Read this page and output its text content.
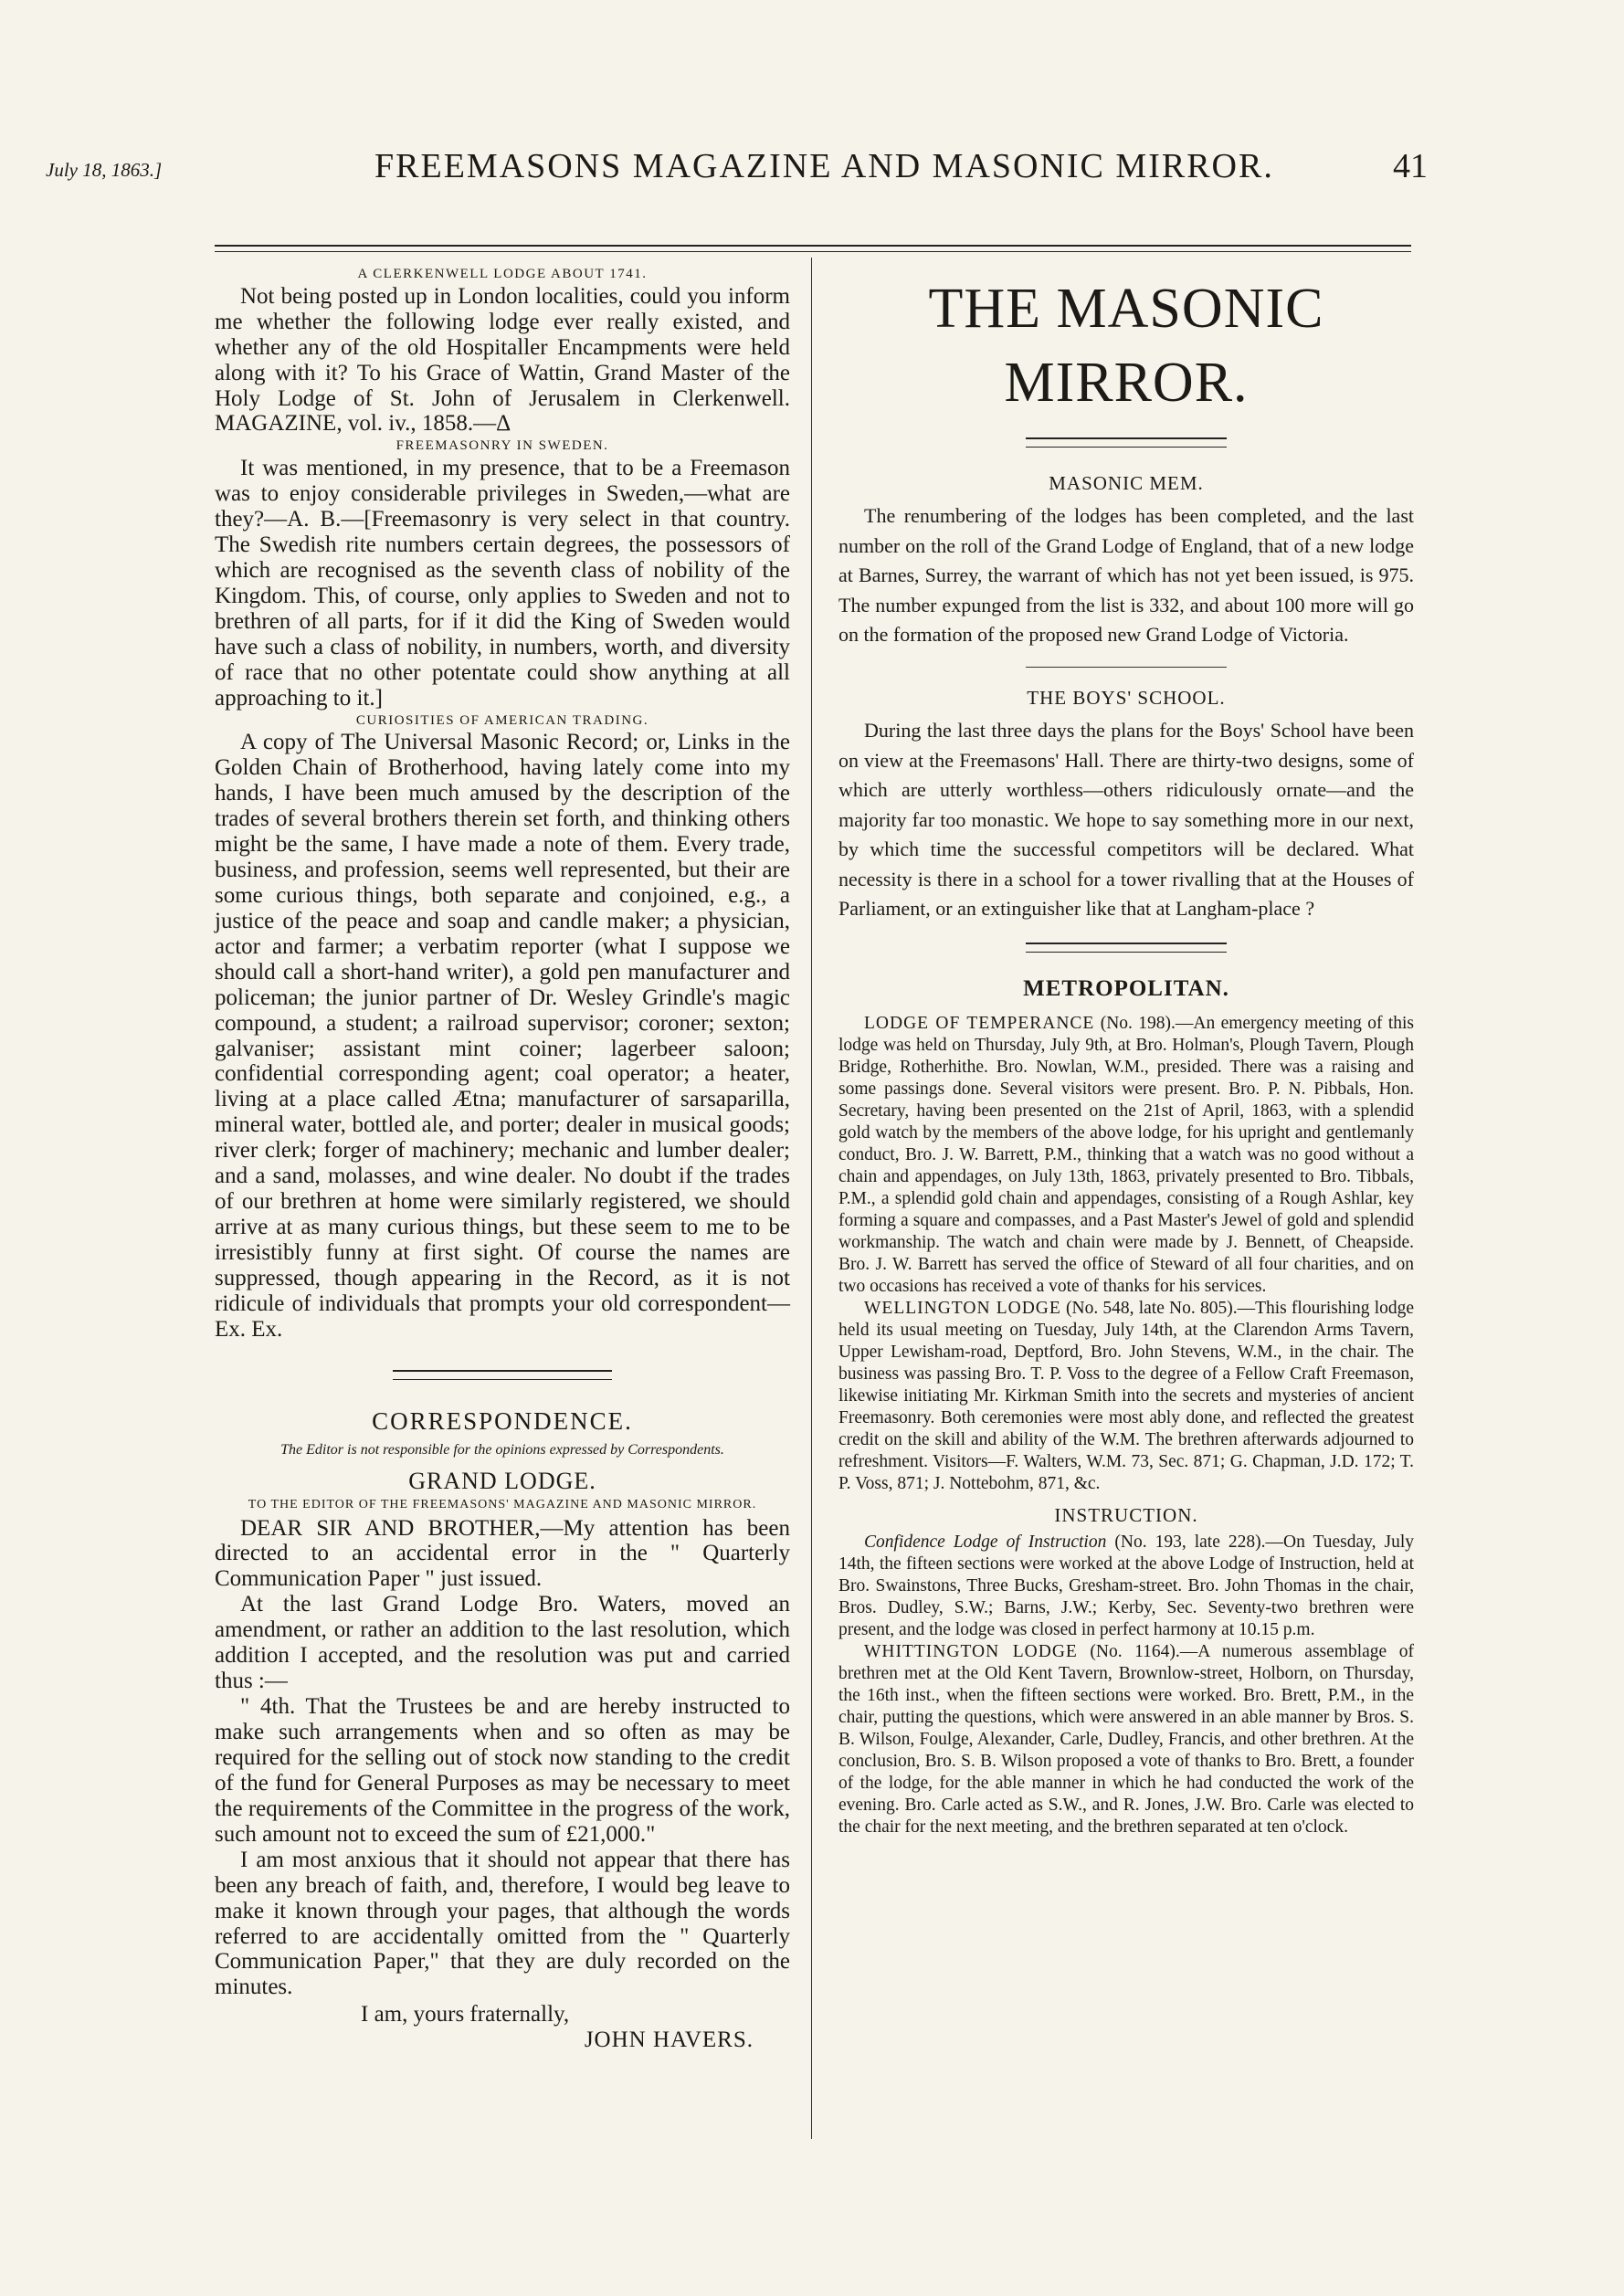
July 18, 1863.]	FREEMASONS MAGAZINE AND MASONIC MIRROR.	41
A CLERKENWELL LODGE ABOUT 1741.

Not being posted up in London localities, could you inform me whether the following lodge ever really existed, and whether any of the old Hospitaller Encampments were held along with it? To his Grace of Wattin, Grand Master of the Holy Lodge of St. John of Jerusalem in Clerkenwell. MAGAZINE, vol. iv., 1858.—Δ

FREEMASONRY IN SWEDEN.

It was mentioned, in my presence, that to be a Freemason was to enjoy considerable privileges in Sweden,—what are they?—A. B.—[Freemasonry is very select in that country. The Swedish rite numbers certain degrees, the possessors of which are recognised as the seventh class of nobility of the Kingdom. This, of course, only applies to Sweden and not to brethren of all parts, for if it did the King of Sweden would have such a class of nobility, in numbers, worth, and diversity of race that no other potentate could show anything at all approaching to it.]

CURIOSITIES OF AMERICAN TRADING.

A copy of The Universal Masonic Record; or, Links in the Golden Chain of Brotherhood, having lately come into my hands, I have been much amused by the description of the trades of several brothers therein set forth, and thinking others might be the same, I have made a note of them. Every trade, business, and profession, seems well represented, but their are some curious things, both separate and conjoined, e.g., a justice of the peace and soap and candle maker; a physician, actor and farmer; a verbatim reporter (what I suppose we should call a short-hand writer), a gold pen manufacturer and policeman; the junior partner of Dr. Wesley Grindle's magic compound, a student; a railroad supervisor; coroner; sexton; galvaniser; assistant mint coiner; lagerbeer saloon; confidential corresponding agent; coal operator; a heater, living at a place called Ætna; manufacturer of sarsaparilla, mineral water, bottled ale, and porter; dealer in musical goods; river clerk; forger of machinery; mechanic and lumber dealer; and a sand, molasses, and wine dealer. No doubt if the trades of our brethren at home were similarly registered, we should arrive at as many curious things, but these seem to me to be irresistibly funny at first sight. Of course the names are suppressed, though appearing in the Record, as it is not ridicule of individuals that prompts your old correspondent—Ex. Ex.

CORRESPONDENCE.
The Editor is not responsible for the opinions expressed by Correspondents.
GRAND LODGE.
TO THE EDITOR OF THE FREEMASONS' MAGAZINE AND MASONIC MIRROR.

DEAR SIR AND BROTHER,—My attention has been directed to an accidental error in the " Quarterly Communication Paper " just issued.

At the last Grand Lodge Bro. Waters, moved an amendment, or rather an addition to the last resolution, which addition I accepted, and the resolution was put and carried thus :—

" 4th. That the Trustees be and are hereby instructed to make such arrangements when and so often as may be required for the selling out of stock now standing to the credit of the fund for General Purposes as may be necessary to meet the requirements of the Committee in the progress of the work, such amount not to exceed the sum of £21,000."

I am most anxious that it should not appear that there has been any breach of faith, and, therefore, I would beg leave to make it known through your pages, that although the words referred to are accidentally omitted from the " Quarterly Communication Paper," that they are duly recorded on the minutes.

I am, yours fraternally,

JOHN HAVERS.

THE MASONIC MIRROR.
MASONIC MEM.

The renumbering of the lodges has been completed, and the last number on the roll of the Grand Lodge of England, that of a new lodge at Barnes, Surrey, the warrant of which has not yet been issued, is 975. The number expunged from the list is 332, and about 100 more will go on the formation of the proposed new Grand Lodge of Victoria.

THE BOYS' SCHOOL.

During the last three days the plans for the Boys' School have been on view at the Freemasons' Hall. There are thirty-two designs, some of which are utterly worthless—others ridiculously ornate—and the majority far too monastic. We hope to say something more in our next, by which time the successful competitors will be declared. What necessity is there in a school for a tower rivalling that at the Houses of Parliament, or an extinguisher like that at Langham-place ?

METROPOLITAN.

LODGE OF TEMPERANCE (No. 198).—An emergency meeting of this lodge was held on Thursday, July 9th, at Bro. Holman's, Plough Tavern, Plough Bridge, Rotherhithe. Bro. Nowlan, W.M., presided. There was a raising and some passings done. Several visitors were present. Bro. P. N. Pibbals, Hon. Secretary, having been presented on the 21st of April, 1863, with a splendid gold watch by the members of the above lodge, for his upright and gentlemanly conduct, Bro. J. W. Barrett, P.M., thinking that a watch was no good without a chain and appendages, on July 13th, 1863, privately presented to Bro. Tibbals, P.M., a splendid gold chain and appendages, consisting of a Rough Ashlar, key forming a square and compasses, and a Past Master's Jewel of gold and splendid workmanship. The watch and chain were made by J. Bennett, of Cheapside. Bro. J. W. Barrett has served the office of Steward of all four charities, and on two occasions has received a vote of thanks for his services.

WELLINGTON LODGE (No. 548, late No. 805).—This flourishing lodge held its usual meeting on Tuesday, July 14th, at the Clarendon Arms Tavern, Upper Lewisham-road, Deptford, Bro. John Stevens, W.M., in the chair. The business was passing Bro. T. P. Voss to the degree of a Fellow Craft Freemason, likewise initiating Mr. Kirkman Smith into the secrets and mysteries of ancient Freemasonry. Both ceremonies were most ably done, and reflected the greatest credit on the skill and ability of the W.M. The brethren afterwards adjourned to refreshment. Visitors—F. Walters, W.M. 73, Sec. 871; G. Chapman, J.D. 172; T. P. Voss, 871; J. Nottebohm, 871, &c.

INSTRUCTION.

Confidence Lodge of Instruction (No. 193, late 228).—On Tuesday, July 14th, the fifteen sections were worked at the above Lodge of Instruction, held at Bro. Swainstons, Three Bucks, Gresham-street. Bro. John Thomas in the chair, Bros. Dudley, S.W.; Barns, J.W.; Kerby, Sec. Seventy-two brethren were present, and the lodge was closed in perfect harmony at 10.15 p.m.

WHITTINGTON LODGE (No. 1164).—A numerous assemblage of brethren met at the Old Kent Tavern, Brownlow-street, Holborn, on Thursday, the 16th inst., when the fifteen sections were worked. Bro. Brett, P.M., in the chair, putting the questions, which were answered in an able manner by Bros. S. B. Wilson, Foulge, Alexander, Carle, Dudley, Francis, and other brethren. At the conclusion, Bro. S. B. Wilson proposed a vote of thanks to Bro. Brett, a founder of the lodge, for the able manner in which he had conducted the work of the evening. Bro. Carle acted as S.W., and R. Jones, J.W. Bro. Carle was elected to the chair for the next meeting, and the brethren separated at ten o'clock.
